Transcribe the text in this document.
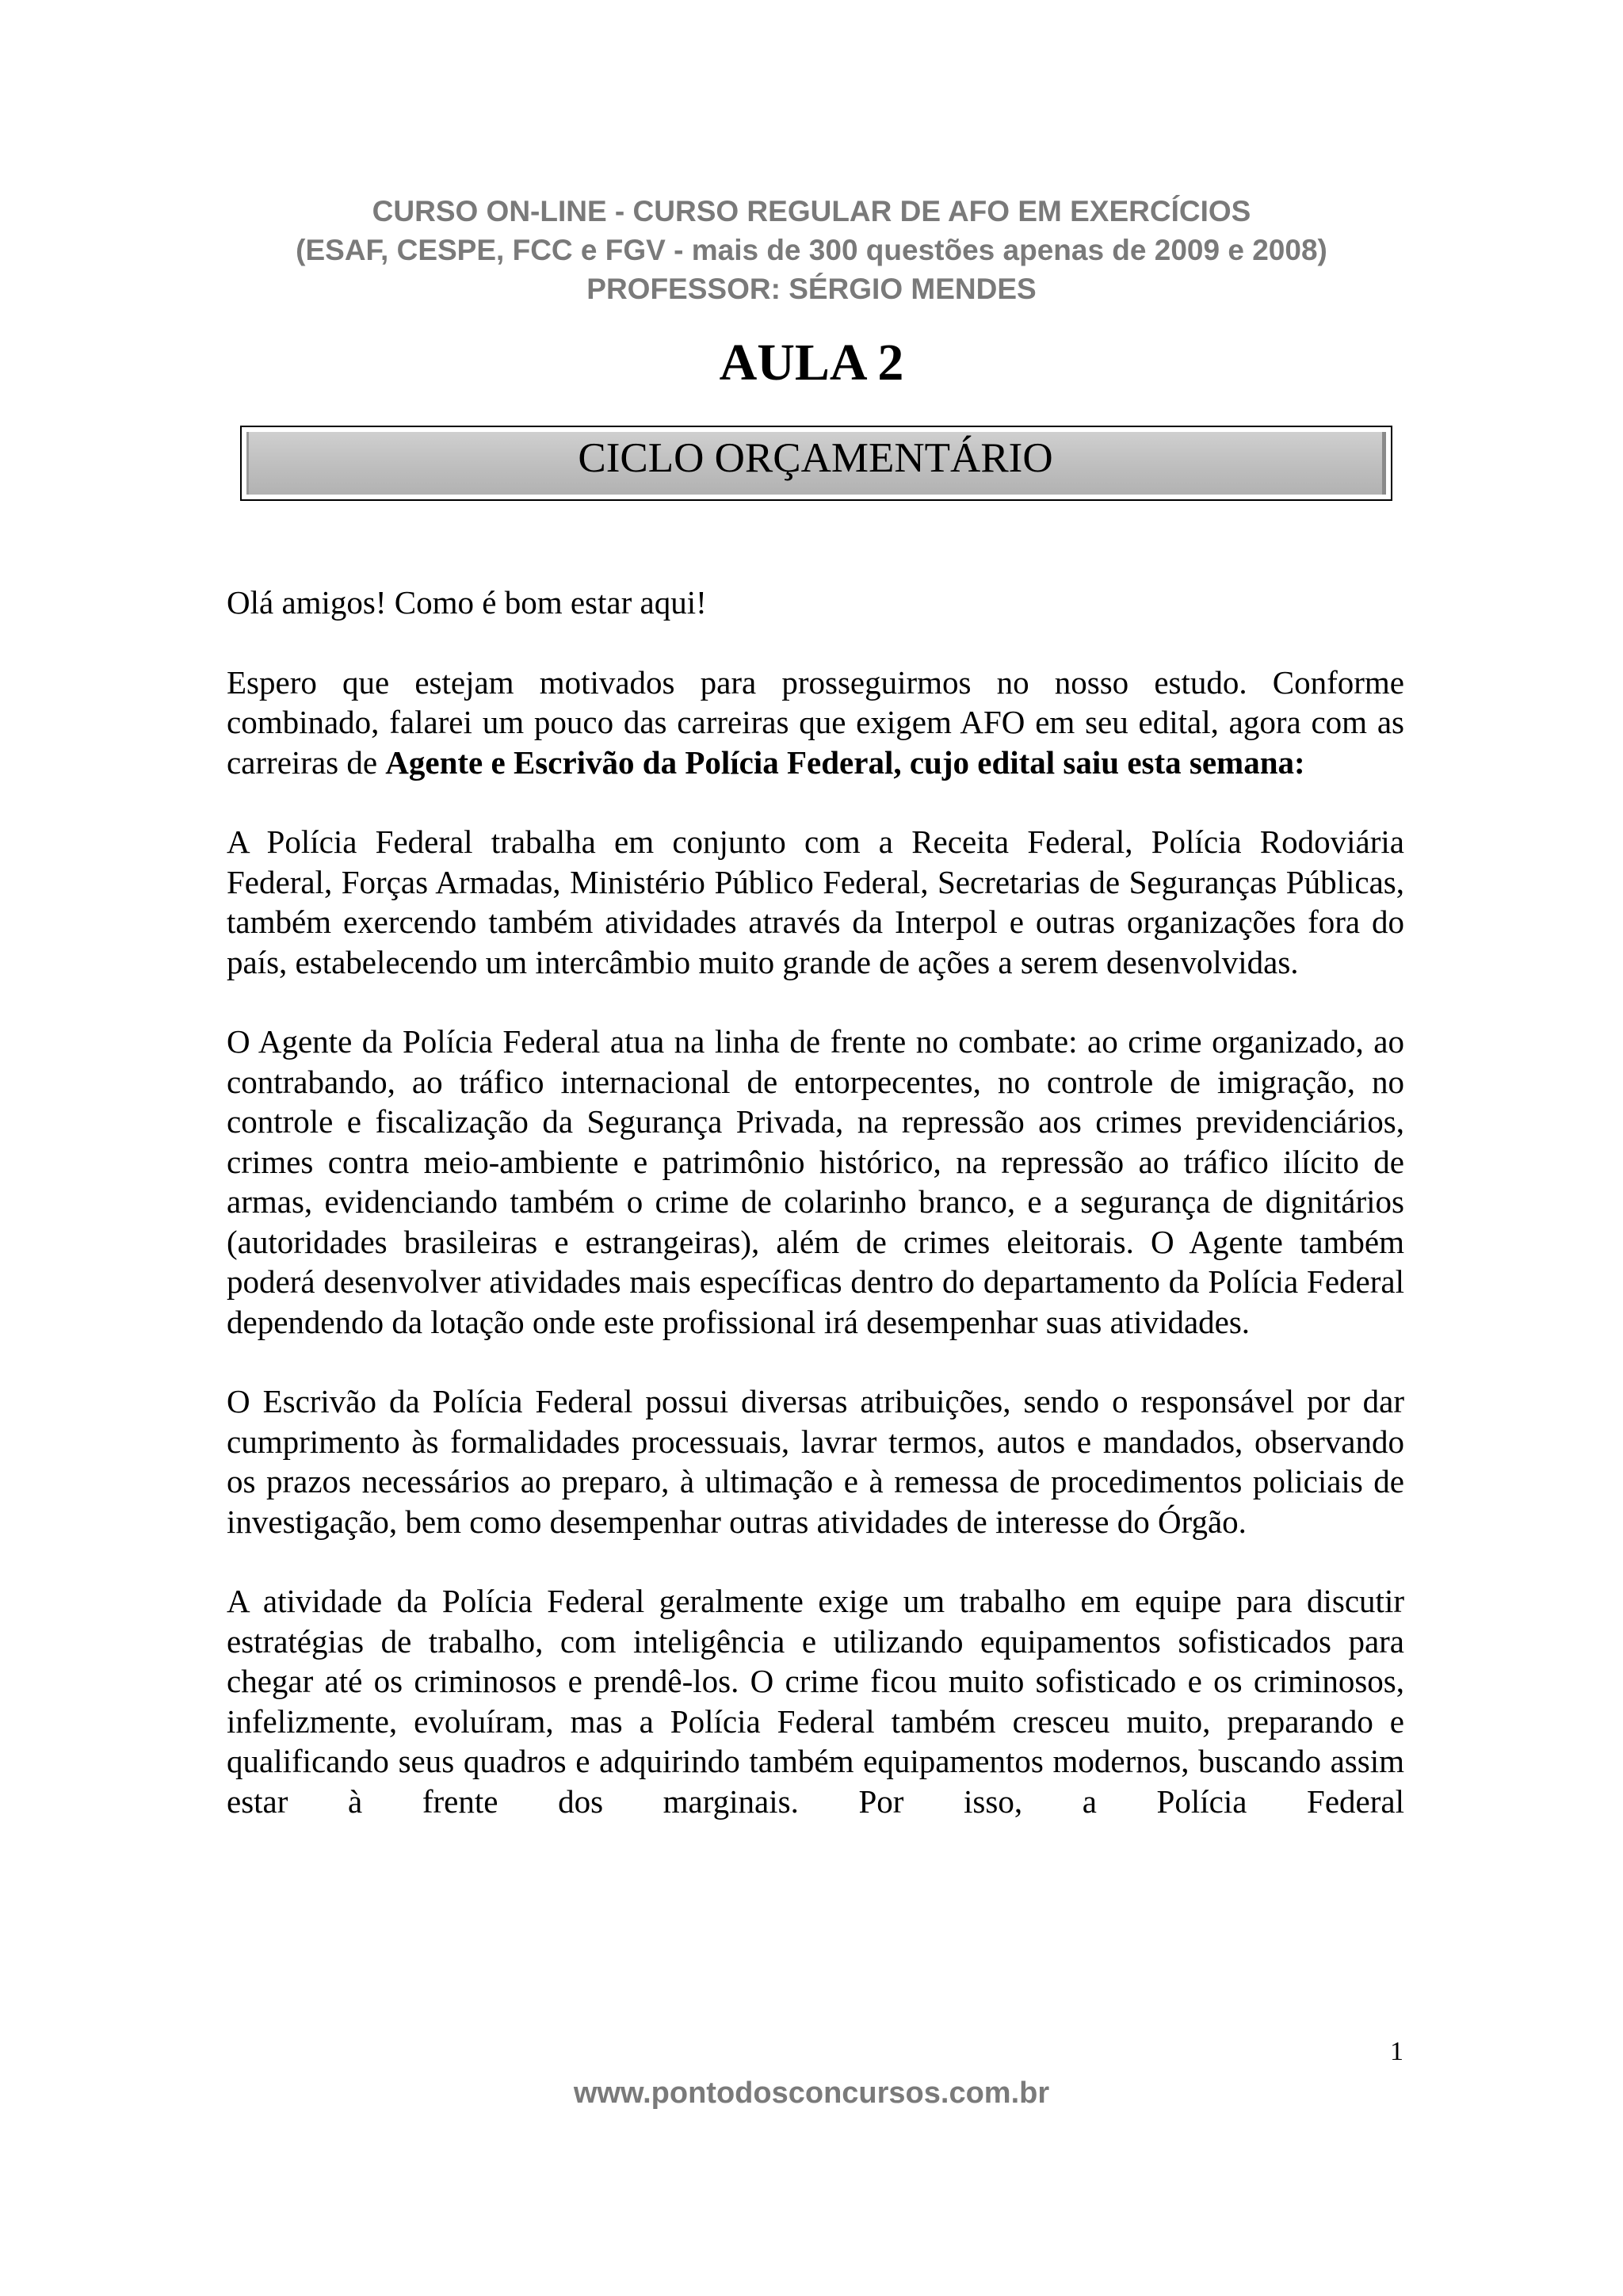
CURSO ON-LINE - CURSO REGULAR DE AFO EM EXERCÍCIOS
(ESAF, CESPE, FCC e FGV - mais de 300 questões apenas de 2009 e 2008)
PROFESSOR: SÉRGIO MENDES
AULA 2
CICLO ORÇAMENTÁRIO

Olá amigos! Como é bom estar aqui!

Espero que estejam motivados para prosseguirmos no nosso estudo. Conforme combinado, falarei um pouco das carreiras que exigem AFO em seu edital, agora com as carreiras de Agente e Escrivão da Polícia Federal, cujo edital saiu esta semana:

A Polícia Federal trabalha em conjunto com a Receita Federal, Polícia Rodoviária Federal, Forças Armadas, Ministério Público Federal, Secretarias de Seguranças Públicas, também exercendo também atividades através da Interpol e outras organizações fora do país, estabelecendo um intercâmbio muito grande de ações a serem desenvolvidas.

O Agente da Polícia Federal atua na linha de frente no combate: ao crime organizado, ao contrabando, ao tráfico internacional de entorpecentes, no controle de imigração, no controle e fiscalização da Segurança Privada, na repressão aos crimes previdenciários, crimes contra meio-ambiente e patrimônio histórico, na repressão ao tráfico ilícito de armas, evidenciando também o crime de colarinho branco, e a segurança de dignitários (autoridades brasileiras e estrangeiras), além de crimes eleitorais. O Agente também poderá desenvolver atividades mais específicas dentro do departamento da Polícia Federal dependendo da lotação onde este profissional irá desempenhar suas atividades.

O Escrivão da Polícia Federal possui diversas atribuições, sendo o responsável por dar cumprimento às formalidades processuais, lavrar termos, autos e mandados, observando os prazos necessários ao preparo, à ultimação e à remessa de procedimentos policiais de investigação, bem como desempenhar outras atividades de interesse do Órgão.

A atividade da Polícia Federal geralmente exige um trabalho em equipe para discutir estratégias de trabalho, com inteligência e utilizando equipamentos sofisticados para chegar até os criminosos e prendê-los. O crime ficou muito sofisticado e os criminosos, infelizmente, evoluíram, mas a Polícia Federal também cresceu muito, preparando e qualificando seus quadros e adquirindo também equipamentos modernos, buscando assim estar à frente dos marginais. Por isso, a Polícia Federal

1
www.pontodosconcursos.com.br
